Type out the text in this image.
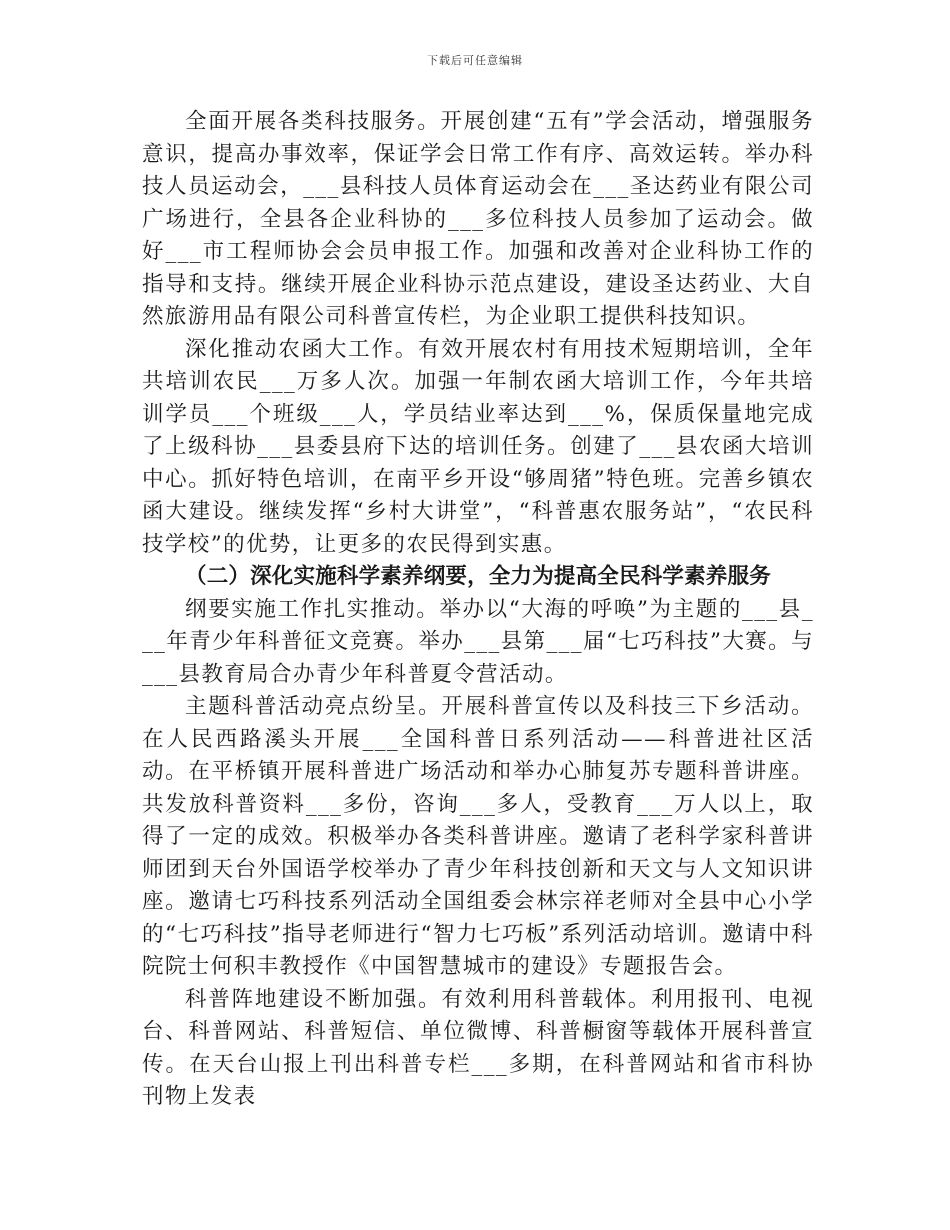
下载后可任意编辑

全面开展各类科技服务。开展创建“五有”学会活动，增强服务意识，提高办事效率，保证学会日常工作有序、高效运转。举办科技人员运动会，___县科技人员体育运动会在___圣达药业有限公司广场进行，全县各企业科协的___多位科技人员参加了运动会。做好___市工程师协会会员申报工作。加强和改善对企业科协工作的指导和支持。继续开展企业科协示范点建设，建设圣达药业、大自然旅游用品有限公司科普宣传栏，为企业职工提供科技知识。

深化推动农函大工作。有效开展农村有用技术短期培训，全年共培训农民___万多人次。加强一年制农函大培训工作，今年共培训学员___个班级___人，学员结业率达到___%，保质保量地完成了上级科协___县委县府下达的培训任务。创建了___县农函大培训中心。抓好特色培训，在南平乡开设“够周猪”特色班。完善乡镇农函大建设。继续发挥“乡村大讲堂”，“科普惠农服务站”，“农民科技学校”的优势，让更多的农民得到实惠。

（二）深化实施科学素养纲要，全力为提高全民科学素养服务

纲要实施工作扎实推动。举办以“大海的呼唤”为主题的___县___年青少年科普征文竞赛。举办___县第___届“七巧科技”大赛。与___县教育局合办青少年科普夏令营活动。

主题科普活动亮点纷呈。开展科普宣传以及科技三下乡活动。在人民西路溪头开展___全国科普日系列活动——科普进社区活动。在平桥镇开展科普进广场活动和举办心肺复苏专题科普讲座。共发放科普资料___多份，咨询___多人，受教育___万人以上，取得了一定的成效。积极举办各类科普讲座。邀请了老科学家科普讲师团到天台外国语学校举办了青少年科技创新和天文与人文知识讲座。邀请七巧科技系列活动全国组委会林宗祥老师对全县中心小学的“七巧科技”指导老师进行“智力七巧板”系列活动培训。邀请中科院院士何积丰教授作《中国智慧城市的建设》专题报告会。

科普阵地建设不断加强。有效利用科普载体。利用报刊、电视台、科普网站、科普短信、单位微博、科普橱窗等载体开展科普宣传。在天台山报上刊出科普专栏___多期，在科普网站和省市科协刊物上发表
